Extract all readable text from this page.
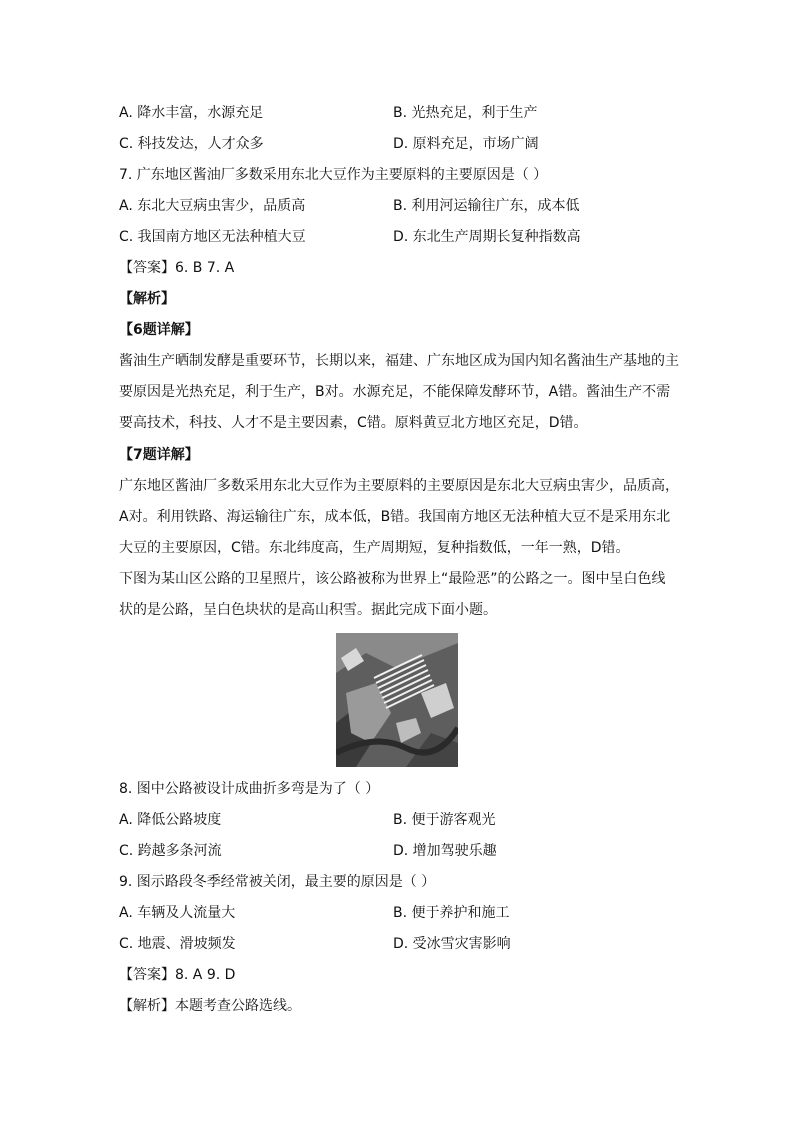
A. 降水丰富，水源充足	B. 光热充足，利于生产
C. 科技发达，人才众多	D. 原料充足，市场广阔
7. 广东地区酱油厂多数采用东北大豆作为主要原料的主要原因是（ ）
A. 东北大豆病虫害少，品质高	B. 利用河运输往广东，成本低
C. 我国南方地区无法种植大豆	D. 东北生产周期长复种指数高
【答案】6. B 7. A
【解析】
【6题详解】
酱油生产晒制发酵是重要环节，长期以来，福建、广东地区成为国内知名酱油生产基地的主要原因是光热充足，利于生产，B对。水源充足，不能保障发酵环节，A错。酱油生产不需要高技术，科技、人才不是主要因素，C错。原料黄豆北方地区充足，D错。
【7题详解】
广东地区酱油厂多数采用东北大豆作为主要原料的主要原因是东北大豆病虫害少，品质高，A对。利用铁路、海运输往广东，成本低，B错。我国南方地区无法种植大豆不是采用东北大豆的主要原因，C错。东北纬度高，生产周期短，复种指数低，一年一熟，D错。
下图为某山区公路的卫星照片，该公路被称为世界上“最险恶”的公路之一。图中呈白色线状的是公路，呈白色块状的是高山积雪。据此完成下面小题。
8. 图中公路被设计成曲折多弯是为了（ ）
A. 降低公路坡度	B. 便于游客观光
C. 跨越多条河流	D. 增加驾驶乐趣
9. 图示路段冬季经常被关闭，最主要的原因是（ ）
A. 车辆及人流量大	B. 便于养护和施工
C. 地震、滑坡频发	D. 受冰雪灾害影响
【答案】8. A 9. D
【解析】本题考查公路选线。
